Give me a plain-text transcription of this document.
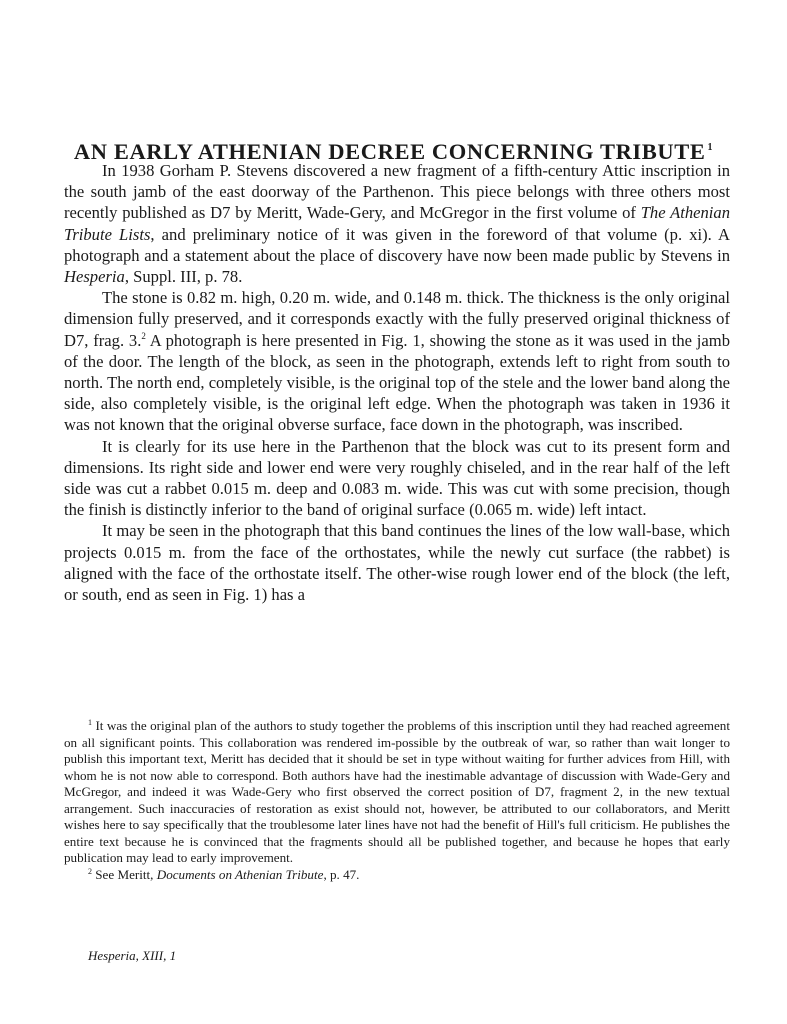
AN EARLY ATHENIAN DECREE CONCERNING TRIBUTE $^1$

In 1938 Gorham P. Stevens discovered a new fragment of a fifth-century Attic inscription in the south jamb of the east doorway of the Parthenon. This piece belongs with three others most recently published as D7 by Meritt, Wade-Gery, and McGregor in the first volume of The Athenian Tribute Lists, and preliminary notice of it was given in the foreword of that volume (p. xi). A photograph and a statement about the place of discovery have now been made public by Stevens in Hesperia, Suppl. III, p. 78.

The stone is 0.82 m. high, 0.20 m. wide, and 0.148 m. thick. The thickness is the only original dimension fully preserved, and it corresponds exactly with the fully preserved original thickness of D7, frag. 3.$^2$ A photograph is here presented in Fig. 1, showing the stone as it was used in the jamb of the door. The length of the block, as seen in the photograph, extends left to right from south to north. The north end, completely visible, is the original top of the stele and the lower band along the side, also completely visible, is the original left edge. When the photograph was taken in 1936 it was not known that the original obverse surface, face down in the photograph, was inscribed.

It is clearly for its use here in the Parthenon that the block was cut to its present form and dimensions. Its right side and lower end were very roughly chiseled, and in the rear half of the left side was cut a rabbet 0.015 m. deep and 0.083 m. wide. This was cut with some precision, though the finish is distinctly inferior to the band of original surface (0.065 m. wide) left intact.

It may be seen in the photograph that this band continues the lines of the low wall-base, which projects 0.015 m. from the face of the orthostates, while the newly cut surface (the rabbet) is aligned with the face of the orthostate itself. The other-wise rough lower end of the block (the left, or south, end as seen in Fig. 1) has a

$^1$ It was the original plan of the authors to study together the problems of this inscription until they had reached agreement on all significant points. This collaboration was rendered im-possible by the outbreak of war, so rather than wait longer to publish this important text, Meritt has decided that it should be set in type without waiting for further advices from Hill, with whom he is not now able to correspond. Both authors have had the inestimable advantage of discussion with Wade-Gery and McGregor, and indeed it was Wade-Gery who first observed the correct position of D7, fragment 2, in the new textual arrangement. Such inaccuracies of restoration as exist should not, however, be attributed to our collaborators, and Meritt wishes here to say specifically that the troublesome later lines have not had the benefit of Hill's full criticism. He publishes the entire text because he is convinced that the fragments should all be published together, and because he hopes that early publication may lead to early improvement.

$^2$ See Meritt, Documents on Athenian Tribute, p. 47.

Hesperia, XIII, 1
